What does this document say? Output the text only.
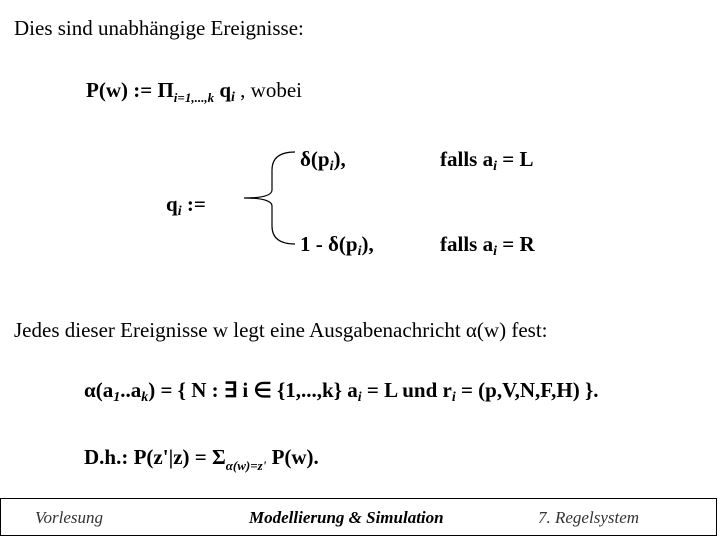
Dies sind unabhängige Ereignisse:
P(w) := $\Pi_{i=1,...,k}$ qi , wobei
δ(pi),	falls ai = L
qi :=
1 - δ(pi),	falls ai = R
Jedes dieser Ereignisse w legt eine Ausgabenachricht α(w) fest:
α(a1..ak) = { N : ∃ i ∈ {1,...,k} ai = L und ri = (p,V,N,F,H) }.
D.h.: $P(z'|z) = \Sigma_{\alpha(w)=z'}$ P(w).
Vorlesung	Modellierung & Simulation	7. Regelsystem
